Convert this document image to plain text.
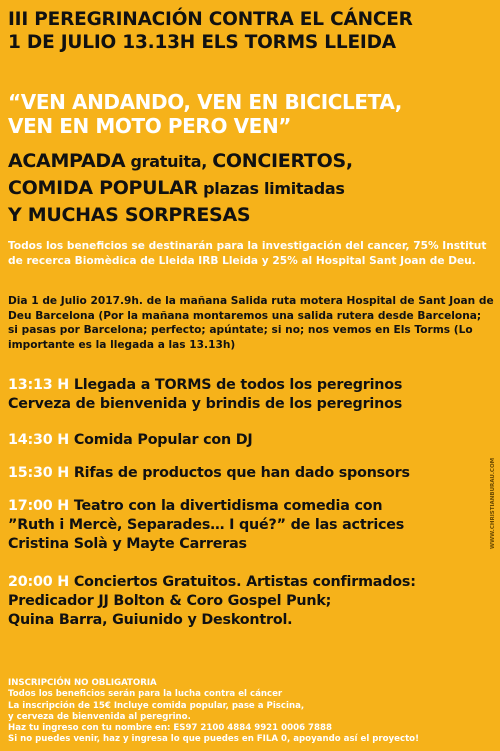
III PEREGRINACIÓN CONTRA EL CÁNCER
1 DE JULIO 13.13H ELS TORMS LLEIDA
“VEN ANDANDO, VEN EN BICICLETA,
VEN EN MOTO PERO VEN”
ACAMPADA gratuita, CONCIERTOS,
COMIDA POPULAR plazas limitadas
Y MUCHAS SORPRESAS
Todos los beneficios se destinarán para la investigación del cancer, 75% Institut de recerca Biomèdica de Lleida IRB Lleida y 25% al Hospital Sant Joan de Deu.
Dia 1 de Julio 2017.9h. de la mañana Salida ruta motera Hospital de Sant Joan de Deu Barcelona (Por la mañana montaremos una salida rutera desde Barcelona; si pasas por Barcelona; perfecto; apúntate; si no; nos vemos en Els Torms (Lo importante es la llegada a las 13.13h)
13:13 H Llegada a TORMS de todos los peregrinos
Cerveza de bienvenida y brindis de los peregrinos
14:30 H Comida Popular con DJ
15:30 H Rifas de productos que han dado sponsors
17:00 H Teatro con la divertidisma comedia con
”Ruth i Mercè, Separades… I qué?” de las actrices
Cristina Solà y Mayte Carreras
20:00 H Conciertos Gratuitos. Artistas confirmados:
Predicador JJ Bolton & Coro Gospel Punk;
Quina Barra, Guiunido y Deskontrol.
INSCRIPCIÓN NO OBLIGATORIA
Todos los beneficios serán para la lucha contra el cáncer
La inscripción de 15€ Incluye comida popular, pase a Piscina,
y cerveza de bienvenida al peregrino.
Haz tu ingreso con tu nombre en: ES97 2100 4884 9921 0006 7888
Si no puedes venir, haz y ingresa lo que puedes en FILA 0, apoyando así el proyecto!
WWW.CHRISTIANBURAU.COM
